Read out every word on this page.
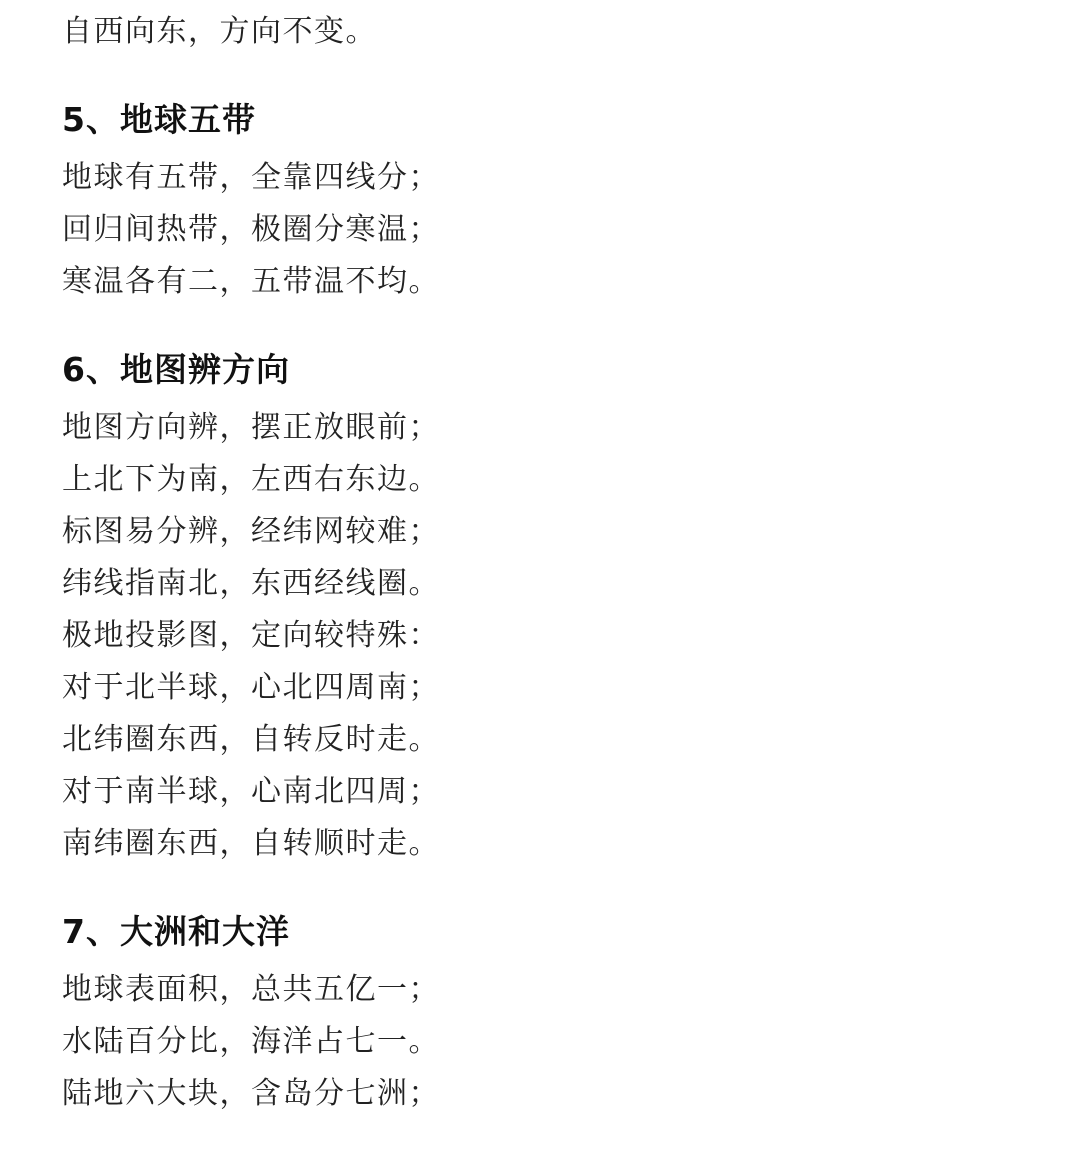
自西向东，方向不变。
5、地球五带
地球有五带，全靠四线分；
回归间热带，极圈分寒温；
寒温各有二，五带温不均。
6、地图辨方向
地图方向辨，摆正放眼前；
上北下为南，左西右东边。
标图易分辨，经纬网较难；
纬线指南北，东西经线圈。
极地投影图，定向较特殊：
对于北半球，心北四周南；
北纬圈东西，自转反时走。
对于南半球，心南北四周；
南纬圈东西，自转顺时走。
7、大洲和大洋
地球表面积，总共五亿一；
水陆百分比，海洋占七一。
陆地六大块，含岛分七洲；
